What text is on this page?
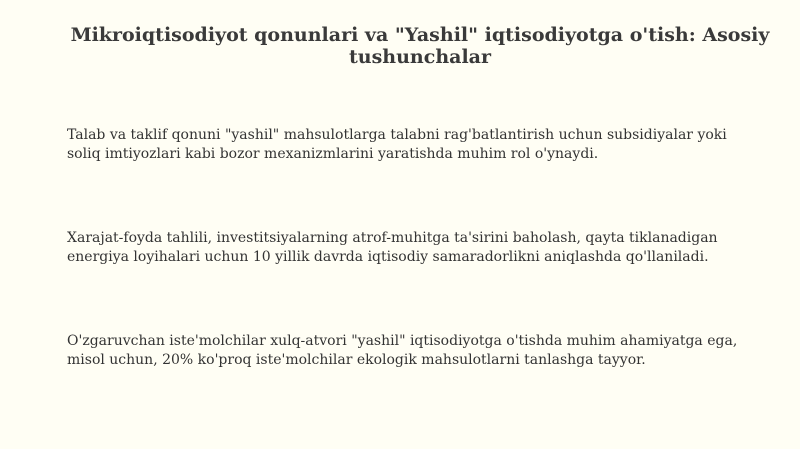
Mikroiqtisodiyot qonunlari va "Yashil" iqtisodiyotga o'tish: Asosiy tushunchalar

Talab va taklif qonuni "yashil" mahsulotlarga talabni rag'batlantirish uchun subsidiyalar yoki soliq imtiyozlari kabi bozor mexanizmlarini yaratishda muhim rol o'ynaydi.

Xarajat-foyda tahlili, investitsiyalarning atrof-muhitga ta'sirini baholash, qayta tiklanadigan energiya loyihalari uchun 10 yillik davrda iqtisodiy samaradorlikni aniqlashda qo'llaniladi.

O'zgaruvchan iste'molchilar xulq-atvori "yashil" iqtisodiyotga o'tishda muhim ahamiyatga ega, misol uchun, 20% ko'proq iste'molchilar ekologik mahsulotlarni tanlashga tayyor.
